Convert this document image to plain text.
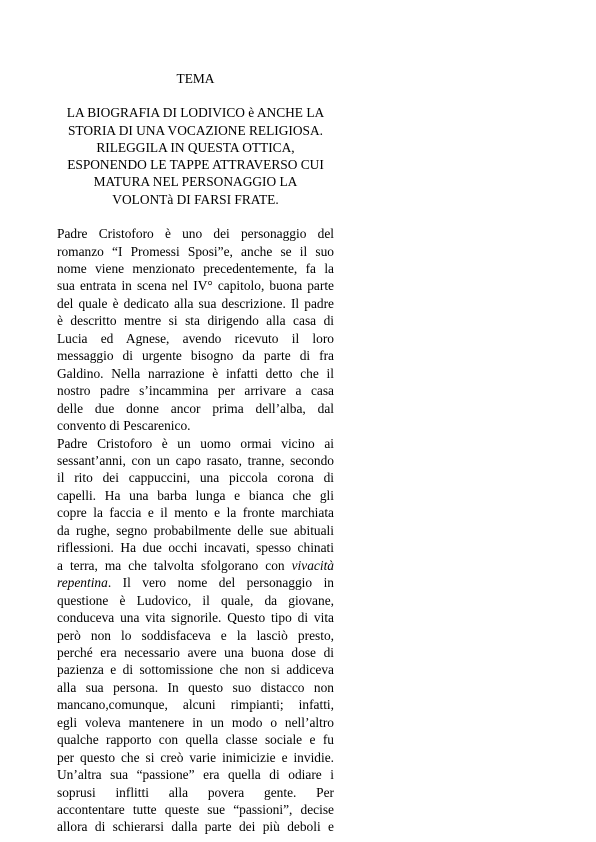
TEMA

LA BIOGRAFIA DI LODIVICO è ANCHE LA

STORIA DI UNA VOCAZIONE RELIGIOSA.

RILEGGILA IN QUESTA OTTICA,

ESPONENDO LE TAPPE ATTRAVERSO CUI

MATURA NEL PERSONAGGIO LA

VOLONTà DI FARSI FRATE.

Padre Cristoforo è uno dei personaggio del
romanzo “I Promessi Sposi”e, anche se il suo
nome viene menzionato precedentemente, fa la
sua entrata in scena nel IV° capitolo, buona parte
del quale è dedicato alla sua descrizione. Il padre
è descritto mentre si sta dirigendo alla casa di
Lucia ed Agnese, avendo ricevuto il loro
messaggio di urgente bisogno da parte di fra
Galdino. Nella narrazione è infatti detto che il
nostro padre s’incammina per arrivare a casa
delle due donne ancor prima dell’alba, dal
convento di Pescarenico.
Padre Cristoforo è un uomo ormai vicino ai
sessant’anni, con un capo rasato, tranne, secondo
il rito dei cappuccini, una piccola corona di
capelli. Ha una barba lunga e bianca che gli
copre la faccia e il mento e la fronte marchiata
da rughe, segno probabilmente delle sue abituali
riflessioni. Ha due occhi incavati, spesso chinati
a terra, ma che talvolta sfolgorano con vivacità
repentina. Il vero nome del personaggio in
questione è Ludovico, il quale, da giovane,
conduceva una vita signorile. Questo tipo di vita
però non lo soddisfaceva e la lasciò presto,
perché era necessario avere una buona dose di
pazienza e di sottomissione che non si addiceva
alla sua persona. In questo suo distacco non
mancano,comunque, alcuni rimpianti; infatti,
egli voleva mantenere in un modo o nell’altro
qualche rapporto con quella classe sociale e fu
per questo che si creò varie inimicizie e invidie.
Un’altra sua “passione” era quella di odiare i
soprusi inflitti alla povera gente. Per
accontentare tutte queste sue “passioni”, decise
allora di schierarsi dalla parte dei più deboli e
